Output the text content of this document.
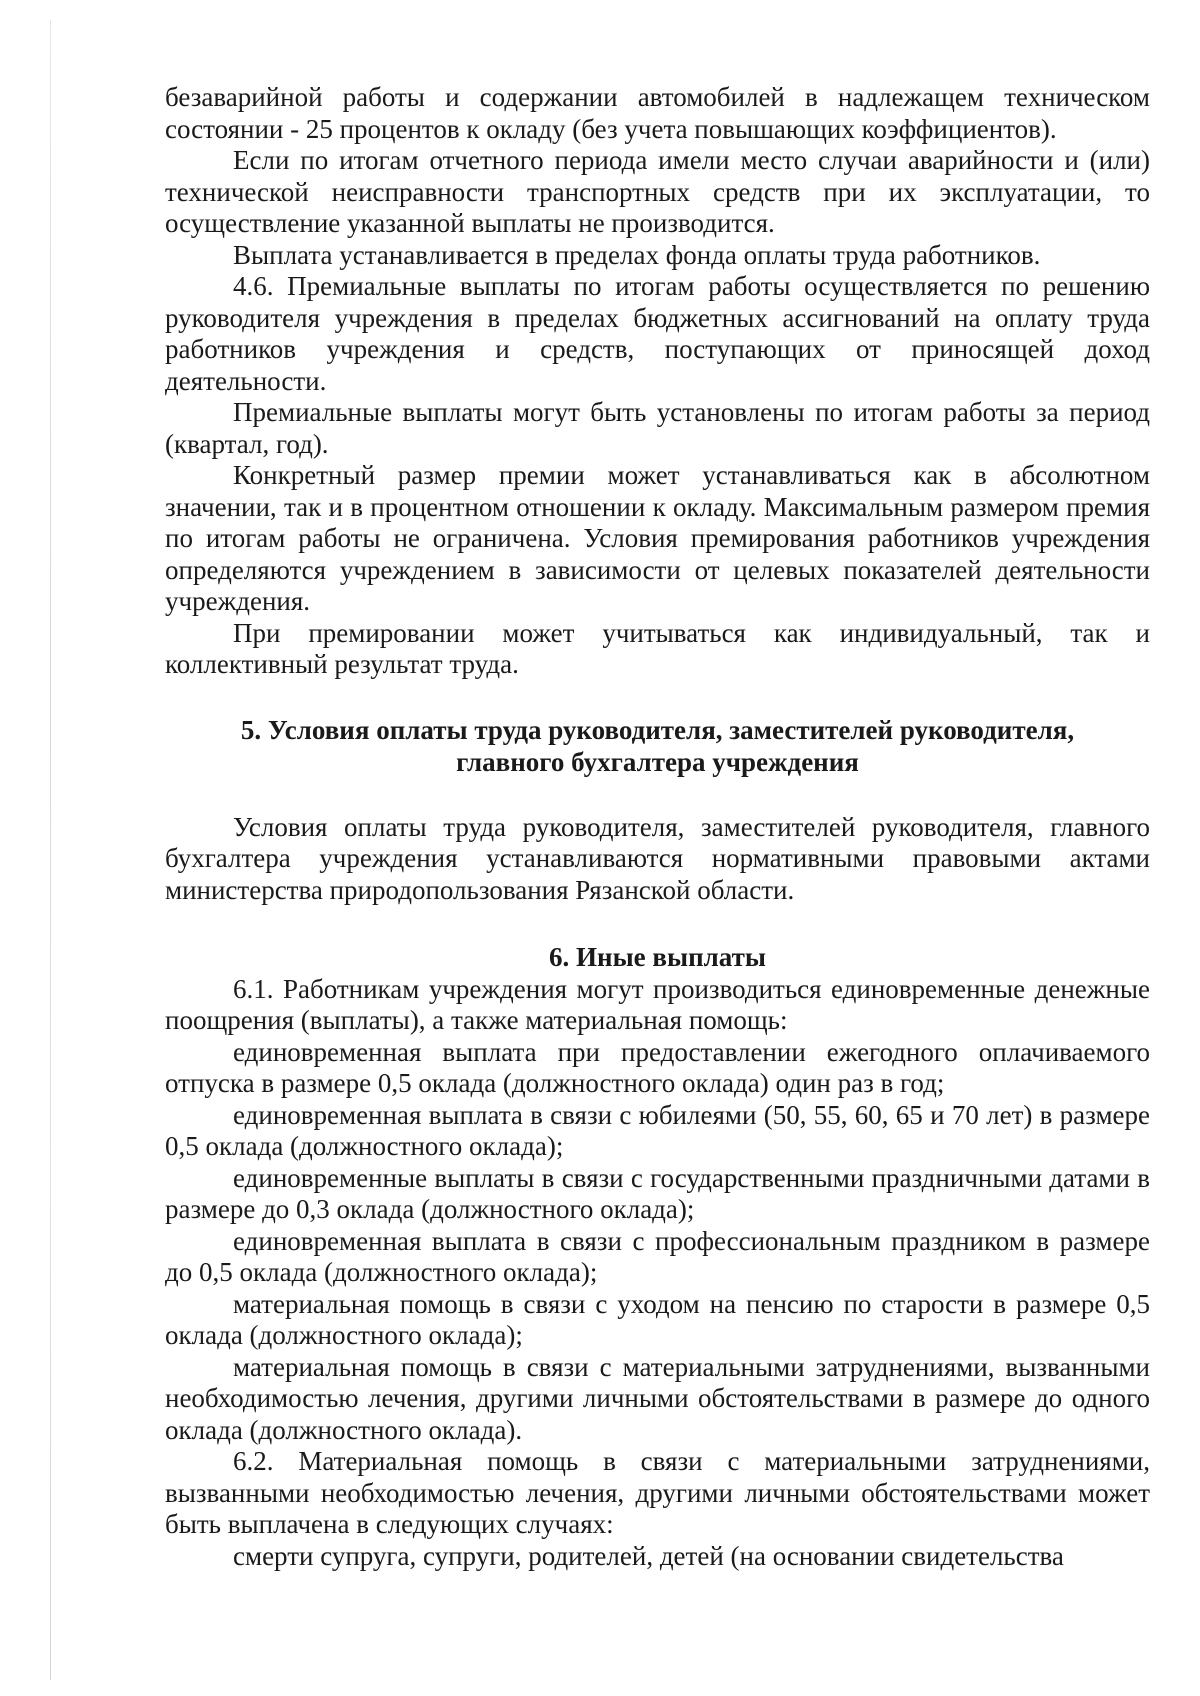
безаварийной работы и содержании автомобилей в надлежащем техническом состоянии - 25 процентов к окладу (без учета повышающих коэффициентов).

Если по итогам отчетного периода имели место случаи аварийности и (или) технической неисправности транспортных средств при их эксплуатации, то осуществление указанной выплаты не производится.

Выплата устанавливается в пределах фонда оплаты труда работников.

4.6. Премиальные выплаты по итогам работы осуществляется по решению руководителя учреждения в пределах бюджетных ассигнований на оплату труда работников учреждения и средств, поступающих от приносящей доход деятельности.

Премиальные выплаты могут быть установлены по итогам работы за период (квартал, год).

Конкретный размер премии может устанавливаться как в абсолютном значении, так и в процентном отношении к окладу. Максимальным размером премия по итогам работы не ограничена. Условия премирования работников учреждения определяются учреждением в зависимости от целевых показателей деятельности учреждения.

При премировании может учитываться как индивидуальный, так и коллективный результат труда.

5. Условия оплаты труда руководителя, заместителей руководителя,
главного бухгалтера учреждения

Условия оплаты труда руководителя, заместителей руководителя, главного бухгалтера учреждения устанавливаются нормативными правовыми актами министерства природопользования Рязанской области.

6. Иные выплаты

6.1. Работникам учреждения могут производиться единовременные денежные поощрения (выплаты), а также материальная помощь:

единовременная выплата при предоставлении ежегодного оплачиваемого отпуска в размере 0,5 оклада (должностного оклада) один раз в год;

единовременная выплата в связи с юбилеями (50, 55, 60, 65 и 70 лет) в размере 0,5 оклада (должностного оклада);

единовременные выплаты в связи с государственными праздничными датами в размере до 0,3 оклада (должностного оклада);

единовременная выплата в связи с профессиональным праздником в размере до 0,5 оклада (должностного оклада);

материальная помощь в связи с уходом на пенсию по старости в размере 0,5 оклада (должностного оклада);

материальная помощь в связи с материальными затруднениями, вызванными необходимостью лечения, другими личными обстоятельствами в размере до одного оклада (должностного оклада).

6.2. Материальная помощь в связи с материальными затруднениями, вызванными необходимостью лечения, другими личными обстоятельствами может быть выплачена в следующих случаях:

смерти супруга, супруги, родителей, детей (на основании свидетельства
